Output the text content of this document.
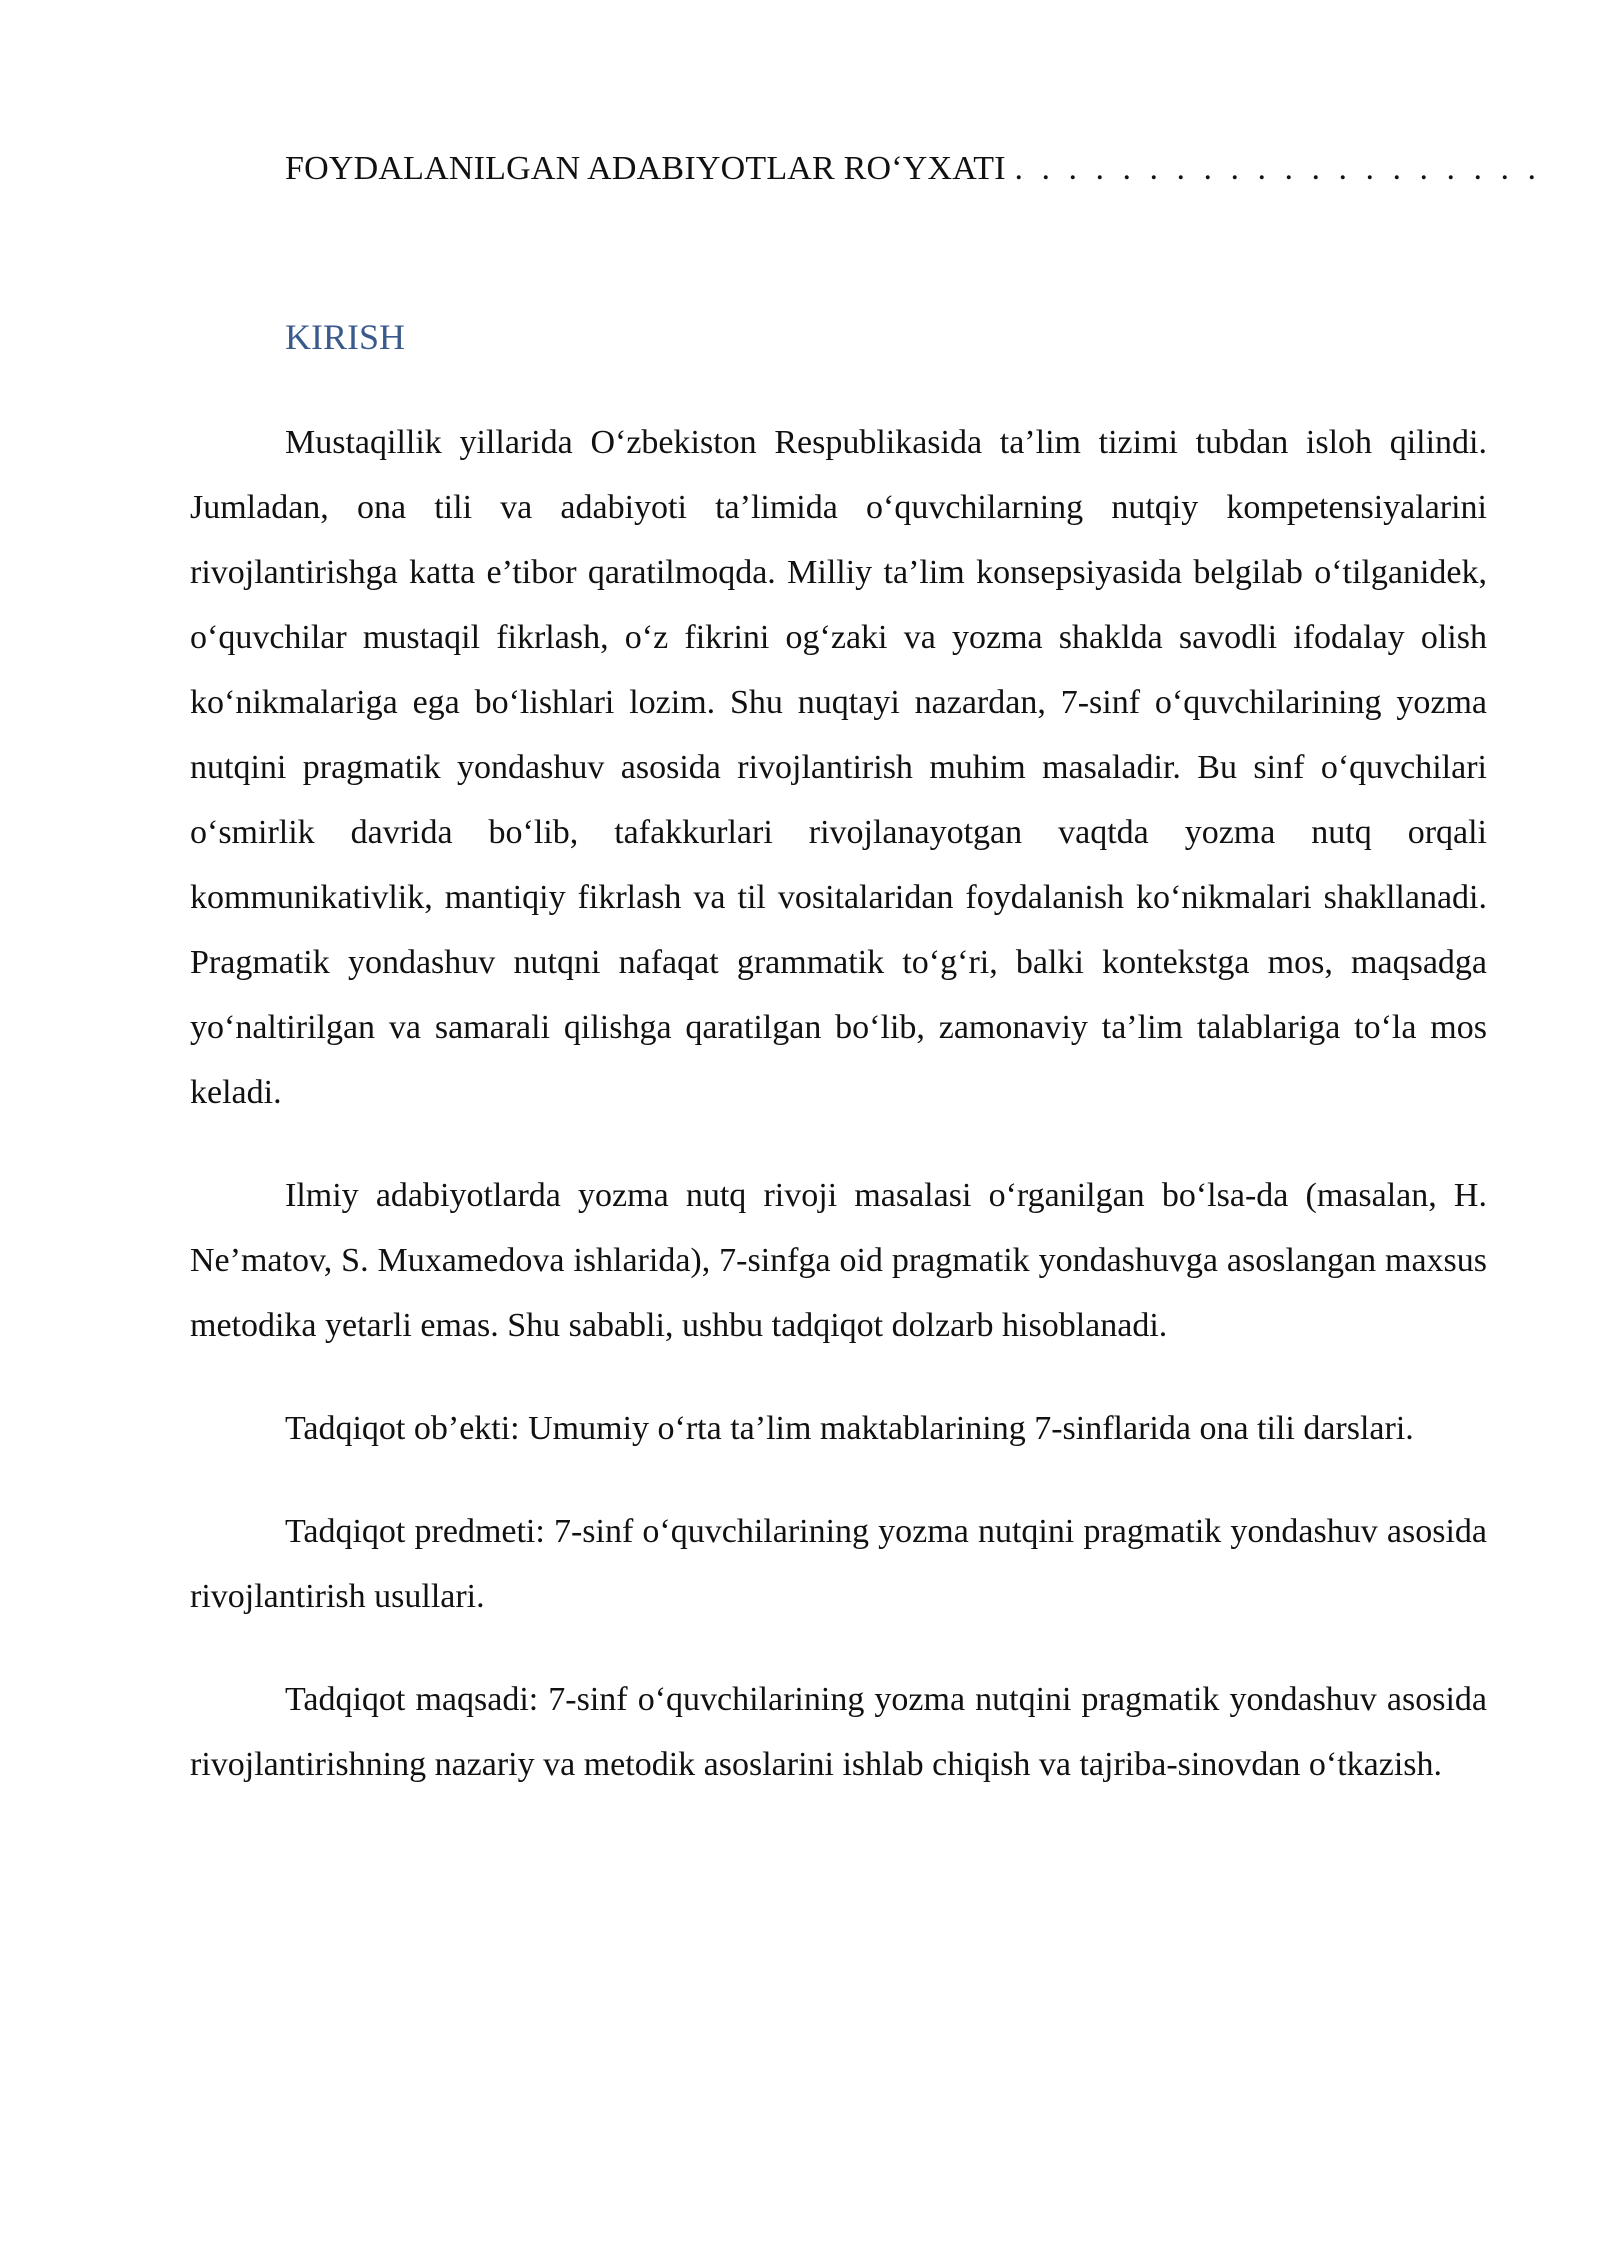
FOYDALANILGAN ADABIYOTLAR RO‘YXATI . . . . . . . . . . . . . . . . . . . .
KIRISH

Mustaqillik yillarida O‘zbekiston Respublikasida ta’lim tizimi tubdan isloh qilindi. Jumladan, ona tili va adabiyoti ta’limida o‘quvchilarning nutqiy kompetensiyalarini rivojlantirishga katta e’tibor qaratilmoqda. Milliy ta’lim konsepsiyasida belgilab o‘tilganidek, o‘quvchilar mustaqil fikrlash, o‘z fikrini og‘zaki va yozma shaklda savodli ifodalay olish ko‘nikmalariga ega bo‘lishlari lozim. Shu nuqtayi nazardan, 7-sinf o‘quvchilarining yozma nutqini pragmatik yondashuv asosida rivojlantirish muhim masaladir. Bu sinf o‘quvchilari o‘smirlik davrida bo‘lib, tafakkurlari rivojlanayotgan vaqtda yozma nutq orqali kommunikativlik, mantiqiy fikrlash va til vositalaridan foydalanish ko‘nikmalari shakllanadi. Pragmatik yondashuv nutqni nafaqat grammatik to‘g‘ri, balki kontekstga mos, maqsadga yo‘naltirilgan va samarali qilishga qaratilgan bo‘lib, zamonaviy ta’lim talablariga to‘la mos keladi.

Ilmiy adabiyotlarda yozma nutq rivoji masalasi o‘rganilgan bo‘lsa-da (masalan, H. Ne’matov, S. Muxamedova ishlarida), 7-sinfga oid pragmatik yondashuvga asoslangan maxsus metodika yetarli emas. Shu sababli, ushbu tadqiqot dolzarb hisoblanadi.

Tadqiqot ob’ekti: Umumiy o‘rta ta’lim maktablarining 7-sinflarida ona tili darslari.

Tadqiqot predmeti: 7-sinf o‘quvchilarining yozma nutqini pragmatik yondashuv asosida rivojlantirish usullari.

Tadqiqot maqsadi: 7-sinf o‘quvchilarining yozma nutqini pragmatik yondashuv asosida rivojlantirishning nazariy va metodik asoslarini ishlab chiqish va tajriba-sinovdan o‘tkazish.
